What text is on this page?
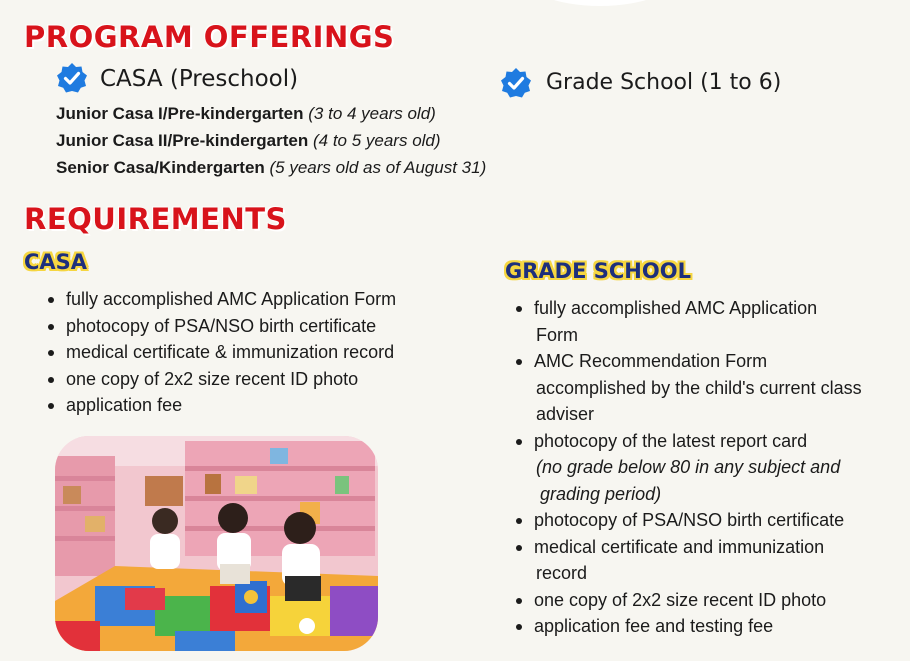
PROGRAM OFFERINGS
CASA (Preschool)	Grade School (1 to 6)
Junior Casa I/Pre-kindergarten (3 to 4 years old)
Junior Casa II/Pre-kindergarten (4 to 5 years old)
Senior Casa/Kindergarten (5 years old as of August 31)
REQUIREMENTS
CASA
fully accomplished AMC Application Form
photocopy of PSA/NSO birth certificate
medical certificate & immunization record
one copy of 2x2 size recent ID photo
application fee
GRADE SCHOOL
fully accomplished AMC Application
Form
AMC Recommendation Form
accomplished by the child's current class
adviser
photocopy of the latest report card
(no grade below 80 in any subject and
grading period)
photocopy of PSA/NSO birth certificate
medical certificate and immunization
record
one copy of 2x2 size recent ID photo
application fee and testing fee
